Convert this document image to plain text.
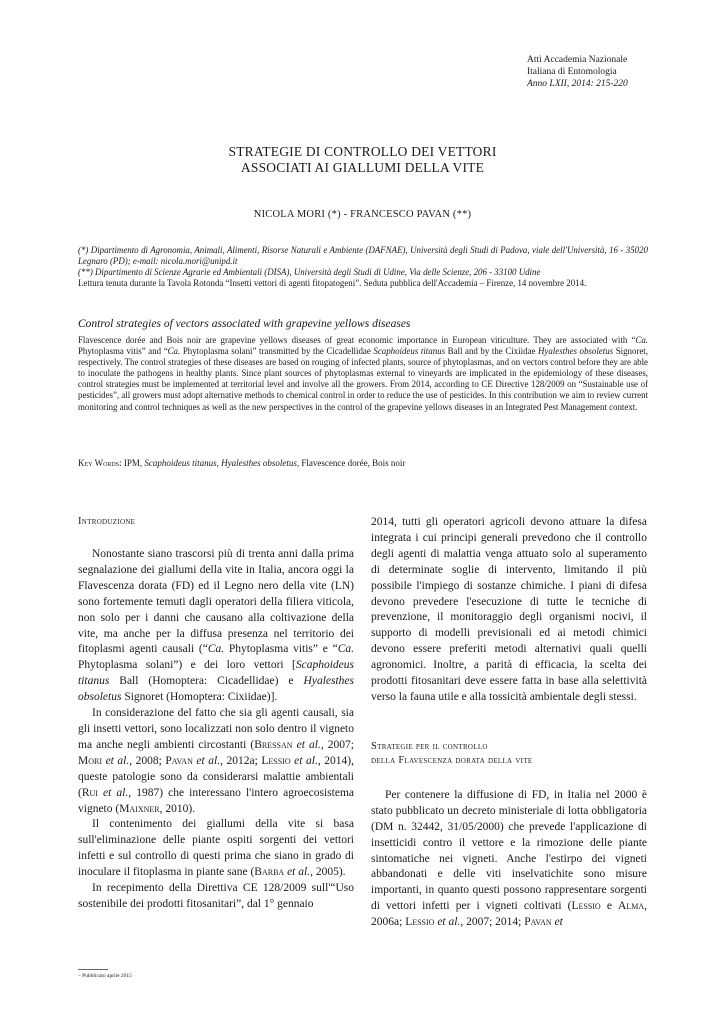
Atti Accademia Nazionale
Italiana di Entomologia
Anno LXII, 2014: 215-220
STRATEGIE DI CONTROLLO DEI VETTORI
ASSOCIATI AI GIALLUMI DELLA VITE
NICOLA MORI (*) - FRANCESCO PAVAN (**)

(*) Dipartimento di Agronomia, Animali, Alimenti, Risorse Naturali e Ambiente (DAFNAE), Università degli Studi di Padova, viale dell'Università, 16 - 35020 Legnaro (PD); e-mail: nicola.mori@unipd.it

(**) Dipartimento di Scienze Agrarie ed Ambientali (DISA), Università degli Studi di Udine, Via delle Scienze, 206 - 33100 Udine

Lettura tenuta durante la Tavola Rotonda “Insetti vettori di agenti fitopatogeni”. Seduta pubblica dell'Accademia – Firenze, 14 novembre 2014.

Control strategies of vectors associated with grapevine yellows diseases

Flavescence dorée and Bois noir are grapevine yellows diseases of great economic importance in European viticulture. They are associated with “Ca. Phytoplasma vitis” and “Ca. Phytoplasma solani” transmitted by the Cicadellidae Scaphoideus titanus Ball and by the Cixiidae Hyalesthes obsoletus Signoret, respectively. The control strategies of these diseases are based on rouging of infected plants, source of phytoplasmas, and on vectors control before they are able to inoculate the pathogens in healthy plants. Since plant sources of phytoplasmas external to vineyards are implicated in the epidemiology of these diseases, control strategies must be implemented at territorial level and involve all the growers. From 2014, according to CE Directive 128/2009 on “Sustainable use of pesticides”, all growers must adopt alternative methods to chemical control in order to reduce the use of pesticides. In this contribution we aim to review current monitoring and control techniques as well as the new perspectives in the control of the grapevine yellows diseases in an Integrated Pest Management context.

Key Words: IPM, Scaphoideus titanus, Hyalesthes obsoletus, Flavescence dorée, Bois noir
Introduzione

Nonostante siano trascorsi più di trenta anni dalla prima segnalazione dei giallumi della vite in Italia, ancora oggi la Flavescenza dorata (FD) ed il Legno nero della vite (LN) sono fortemente temuti dagli operatori della filiera viticola, non solo per i danni che causano alla coltivazione della vite, ma anche per la diffusa presenza nel territorio dei fitoplasmi agenti causali (“Ca. Phytoplasma vitis” e “Ca. Phytoplasma solani”) e dei loro vettori [Scaphoideus titanus Ball (Homoptera: Cicadellidae) e Hyalesthes obsoletus Signoret (Homoptera: Cixiidae)].

In considerazione del fatto che sia gli agenti causali, sia gli insetti vettori, sono localizzati non solo dentro il vigneto ma anche negli ambienti circostanti (Bressan et al., 2007; Mori et al., 2008; Pavan et al., 2012a; Lessio et al., 2014), queste patologie sono da considerarsi malattie ambientali (Rui et al., 1987) che interessano l'intero agroecosistema vigneto (Maixner, 2010).

Il contenimento dei giallumi della vite si basa sull'eliminazione delle piante ospiti sorgenti dei vettori infetti e sul controllo di questi prima che siano in grado di inoculare il fitoplasma in piante sane (Barba et al., 2005).

In recepimento della Direttiva CE 128/2009 sull'“Uso sostenibile dei prodotti fitosanitari”, dal 1° gennaio

2014, tutti gli operatori agricoli devono attuare la difesa integrata i cui principi generali prevedono che il controllo degli agenti di malattia venga attuato solo al superamento di determinate soglie di intervento, limitando il più possibile l'impiego di sostanze chimiche. I piani di difesa devono prevedere l'esecuzione di tutte le tecniche di prevenzione, il monitoraggio degli organismi nocivi, il supporto di modelli previsionali ed ai metodi chimici devono essere preferiti metodi alternativi quali quelli agronomici. Inoltre, a parità di efficacia, la scelta dei prodotti fitosanitari deve essere fatta in base alla selettività verso la fauna utile e alla tossicità ambientale degli stessi.

Strategie per il controllo
della Flavescenza dorata della vite

Per contenere la diffusione di FD, in Italia nel 2000 è stato pubblicato un decreto ministeriale di lotta obbligatoria (DM n. 32442, 31/05/2000) che prevede l'applicazione di insetticidi contro il vettore e la rimozione delle piante sintomatiche nei vigneti. Anche l'estirpo dei vigneti abbandonati e delle viti inselvatichite sono misure importanti, in quanto questi possono rappresentare sorgenti di vettori infetti per i vigneti coltivati (Lessio e Alma, 2006a; Lessio et al., 2007; 2014; Pavan et

– Pubblicato aprile 2015
